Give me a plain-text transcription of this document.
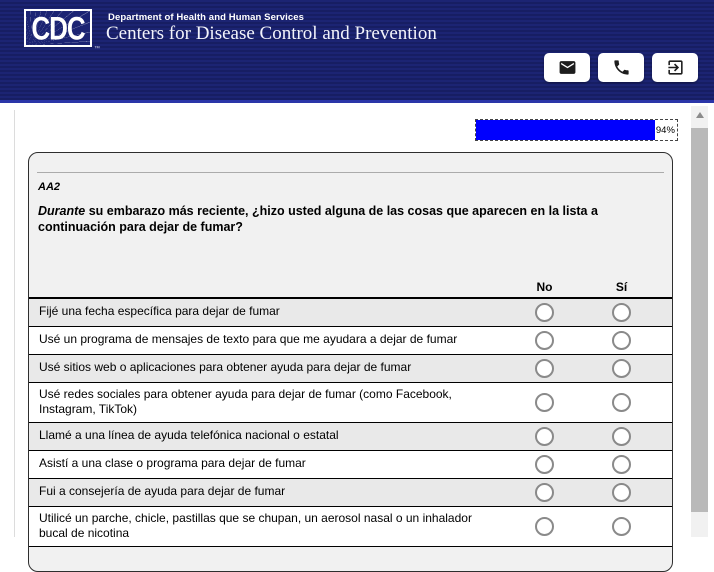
CDC
™
Department of Health and Human Services
Centers for Disease Control and Prevention
94%
AA2
Durante su embarazo más reciente, ¿hizo usted alguna de las cosas que aparecen en la lista a continuación para dejar de fumar?
No	Sí
Fijé una fecha específica para dejar de fumar
Usé un programa de mensajes de texto para que me ayudara a dejar de fumar
Usé sitios web o aplicaciones para obtener ayuda para dejar de fumar
Usé redes sociales para obtener ayuda para dejar de fumar (como Facebook, Instagram, TikTok)
Llamé a una línea de ayuda telefónica nacional o estatal
Asistí a una clase o programa para dejar de fumar
Fui a consejería de ayuda para dejar de fumar
Utilicé un parche, chicle, pastillas que se chupan, un aerosol nasal o un inhalador bucal de nicotina
